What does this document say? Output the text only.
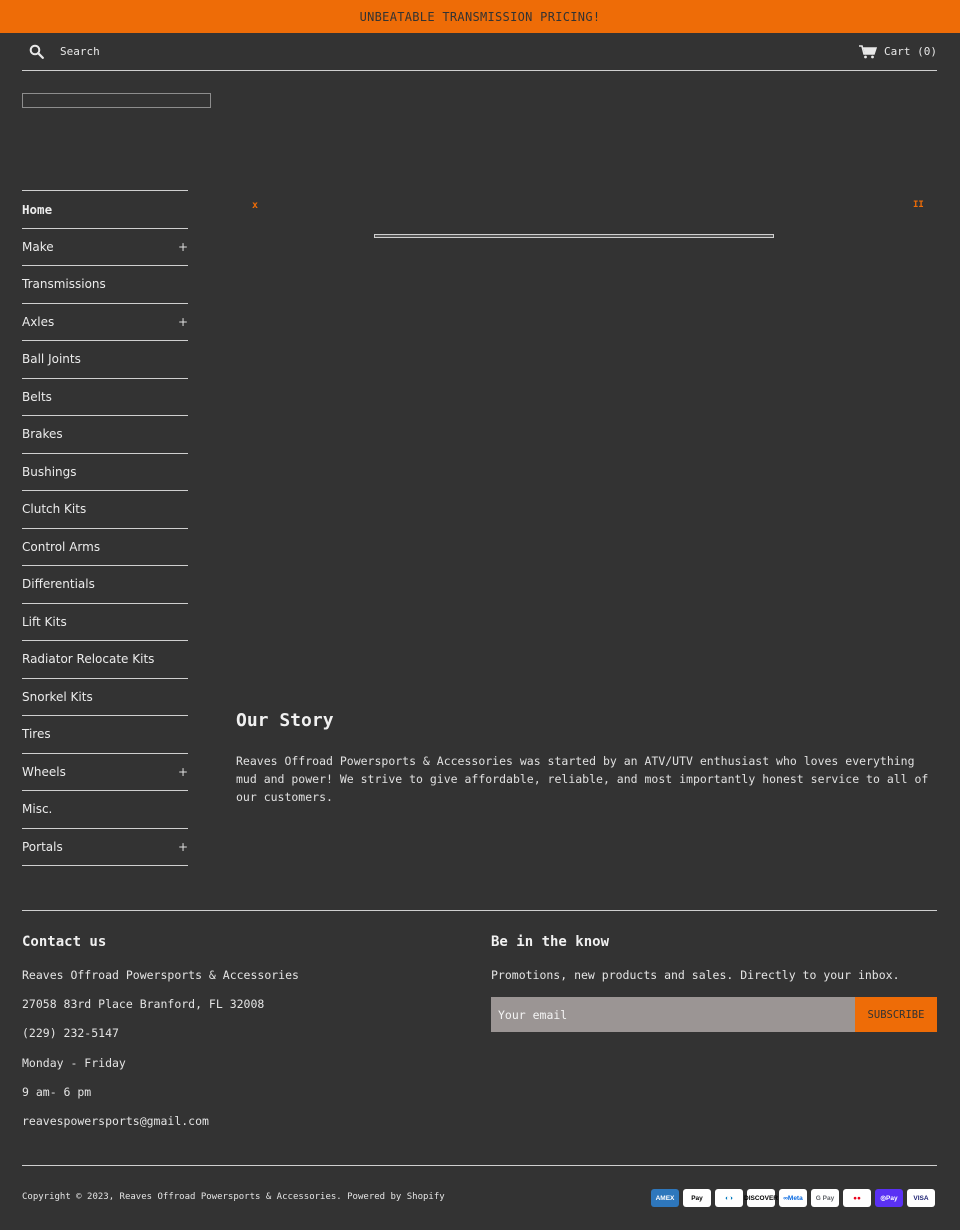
UNBEATABLE TRANSMISSION PRICING!
Search
Cart (0)
Home
Make	+
Transmissions
Axles	+
Ball Joints
Belts
Brakes
Bushings
Clutch Kits
Control Arms
Differentials
Lift Kits
Radiator Relocate Kits
Snorkel Kits
Tires
Wheels	+
Misc.
Portals	+
x	II
Our Story

Reaves Offroad Powersports & Accessories was started by an ATV/UTV enthusiast who loves everything mud and power! We strive to give affordable, reliable, and most importantly honest service to all of our customers.

Contact us
Reaves Offroad Powersports & Accessories
27058 83rd Place Branford, FL 32008
(229) 232-5147
Monday - Friday
9 am- 6 pm
reavespowersports@gmail.com
Be in the know
Promotions, new products and sales. Directly to your inbox.
Your email
SUBSCRIBE
Copyright © 2023, Reaves Offroad Powersports & Accessories. Powered by Shopify	AMEX	Pay	◐◑	DISCOVER ∞Meta	G Pay	●●	◎Pay	VISA
